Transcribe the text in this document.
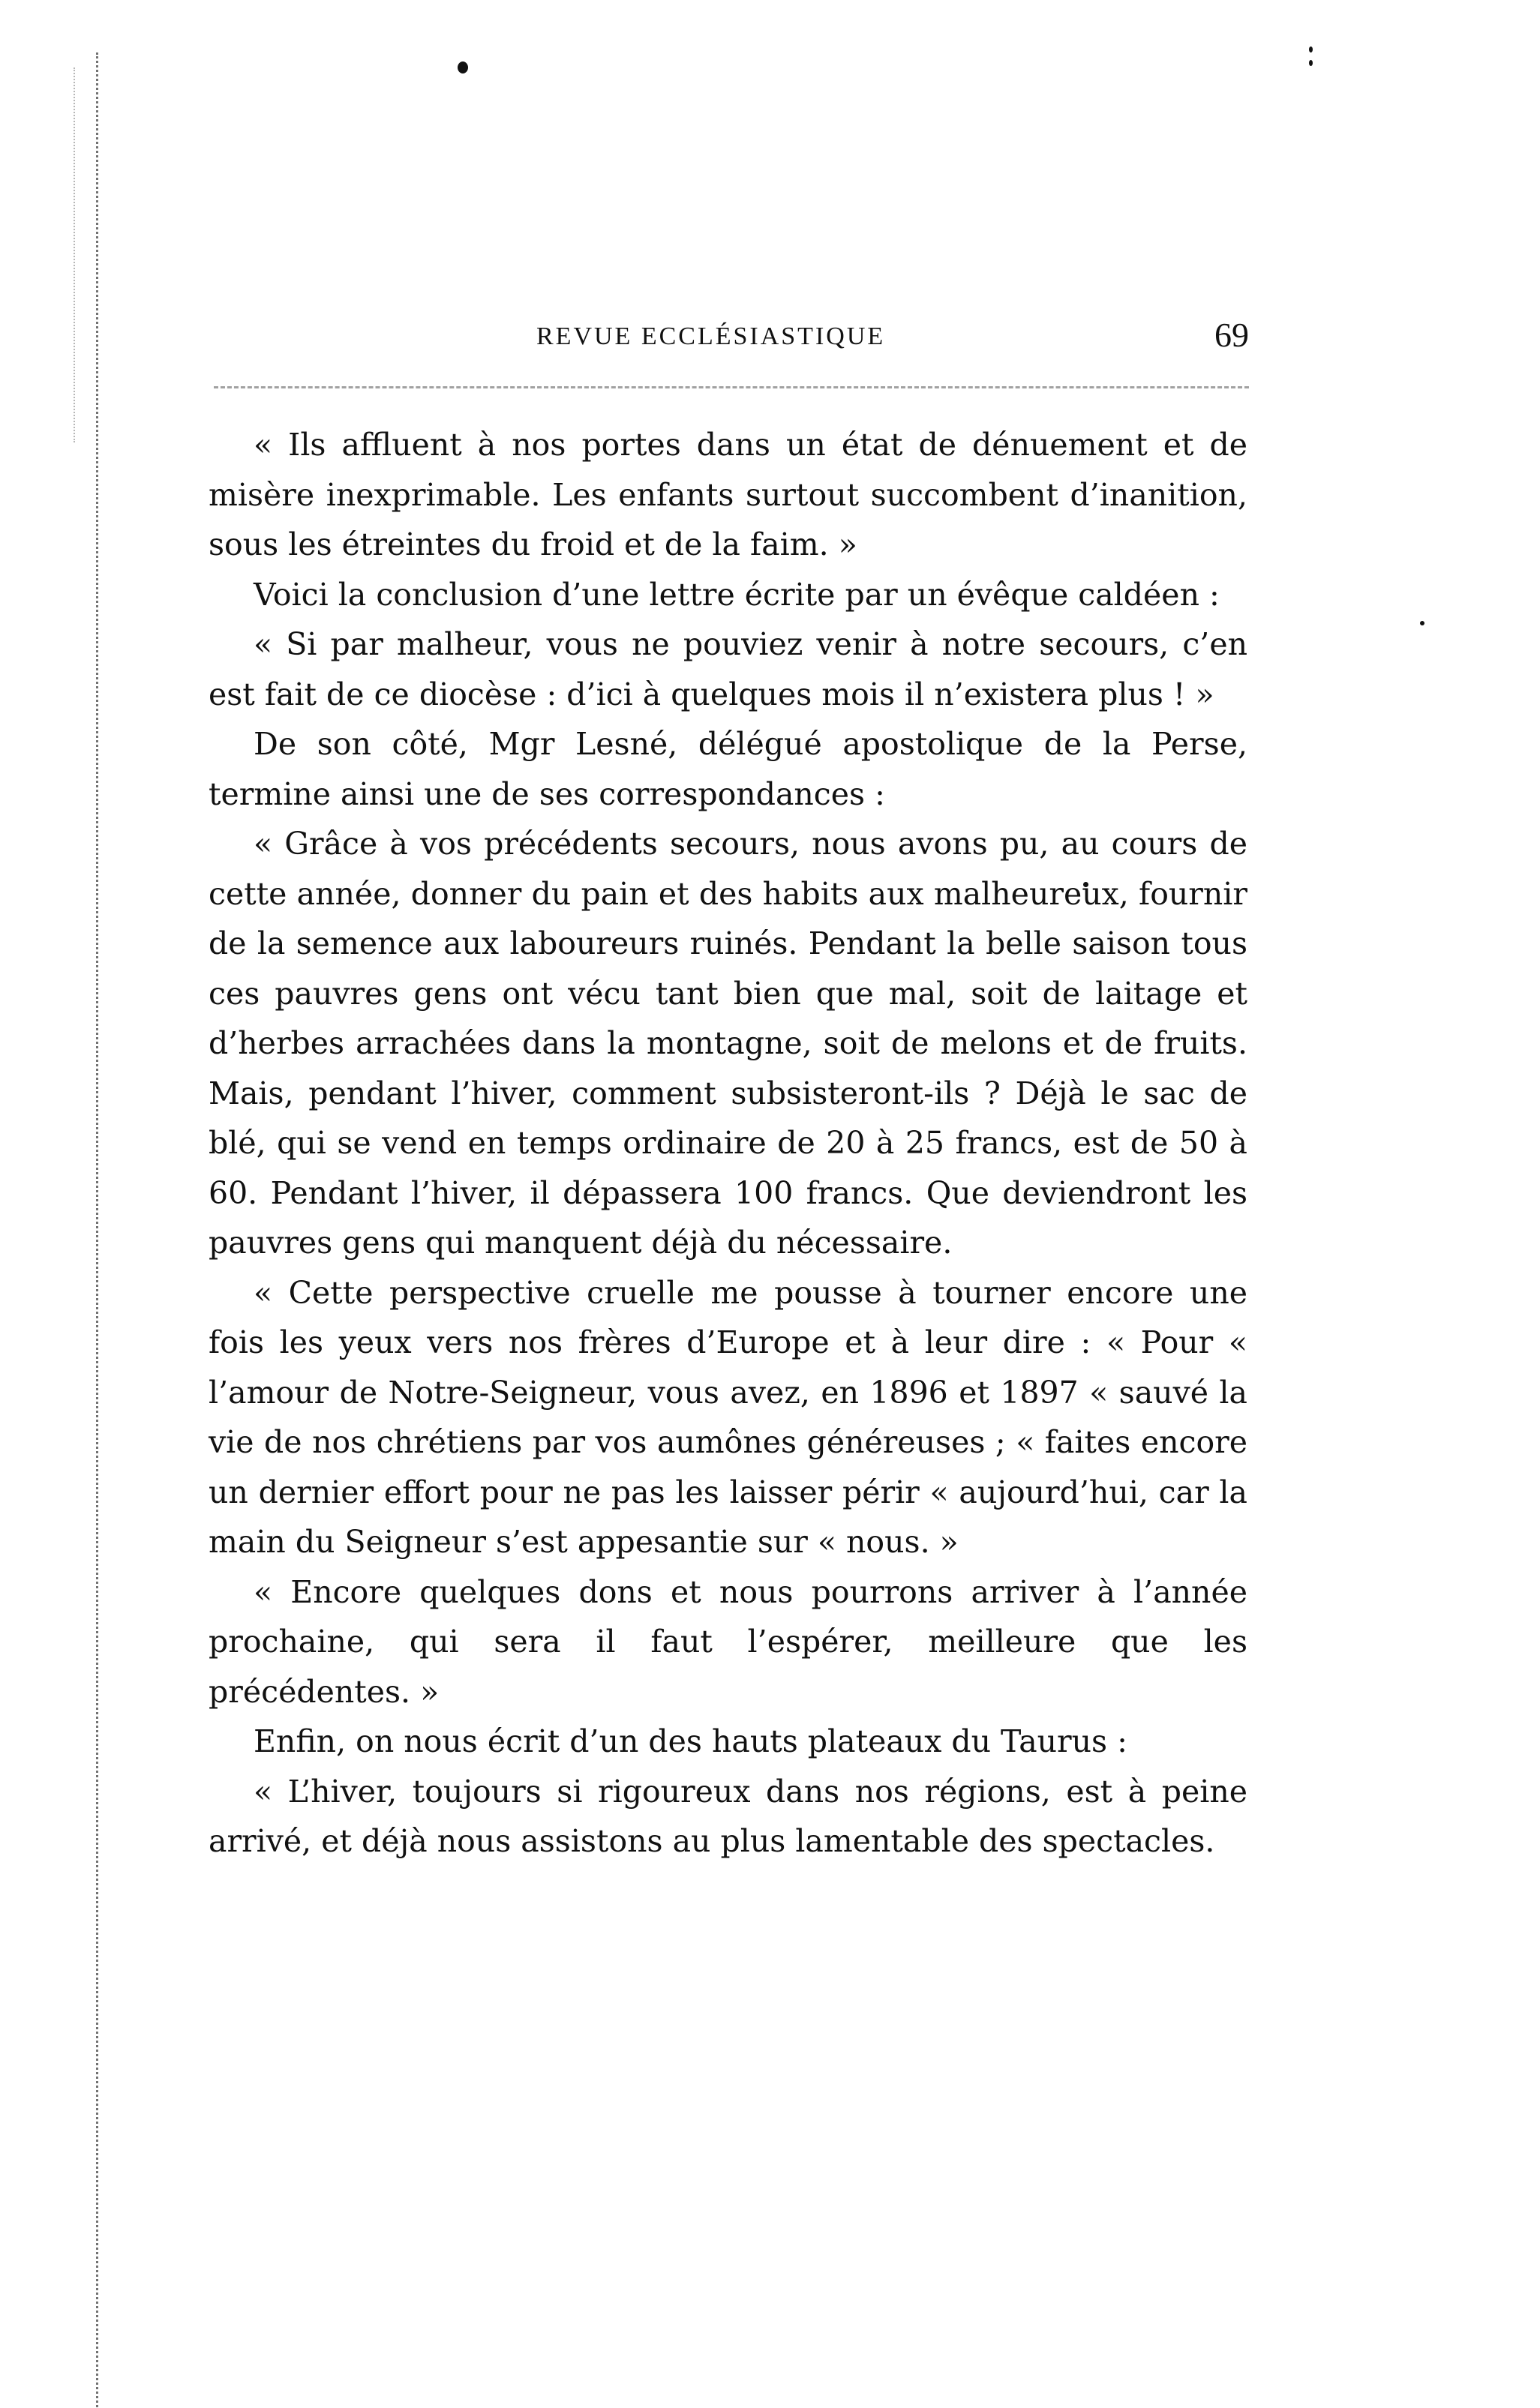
REVUE ECCLÉSIASTIQUE	69

« Ils affluent à nos portes dans un état de dénuement et de misère inexprimable. Les enfants surtout succombent d’inanition, sous les étreintes du froid et de la faim. »

Voici la conclusion d’une lettre écrite par un évêque caldéen :

« Si par malheur, vous ne pouviez venir à notre secours, c’en est fait de ce diocèse : d’ici à quelques mois il n’existera plus ! »

De son côté, Mgr Lesné, délégué apostolique de la Perse, termine ainsi une de ses correspondances :

« Grâce à vos précédents secours, nous avons pu, au cours de cette année, donner du pain et des habits aux malheureux, fournir de la semence aux laboureurs ruinés. Pendant la belle saison tous ces pauvres gens ont vécu tant bien que mal, soit de laitage et d’herbes arrachées dans la montagne, soit de melons et de fruits. Mais, pendant l’hiver, comment subsisteront-ils ? Déjà le sac de blé, qui se vend en temps ordinaire de 20 à 25 francs, est de 50 à 60. Pendant l’hiver, il dépassera 100 francs. Que deviendront les pauvres gens qui manquent déjà du nécessaire.

« Cette perspective cruelle me pousse à tourner encore une fois les yeux vers nos frères d’Europe et à leur dire : « Pour « l’amour de Notre-Seigneur, vous avez, en 1896 et 1897 « sauvé la vie de nos chrétiens par vos aumônes généreuses ; « faites encore un dernier effort pour ne pas les laisser périr « aujourd’hui, car la main du Seigneur s’est appesantie sur « nous. »

« Encore quelques dons et nous pourrons arriver à l’année prochaine, qui sera il faut l’espérer, meilleure que les précédentes. »

Enfin, on nous écrit d’un des hauts plateaux du Taurus :

« L’hiver, toujours si rigoureux dans nos régions, est à peine arrivé, et déjà nous assistons au plus lamentable des spectacles.
